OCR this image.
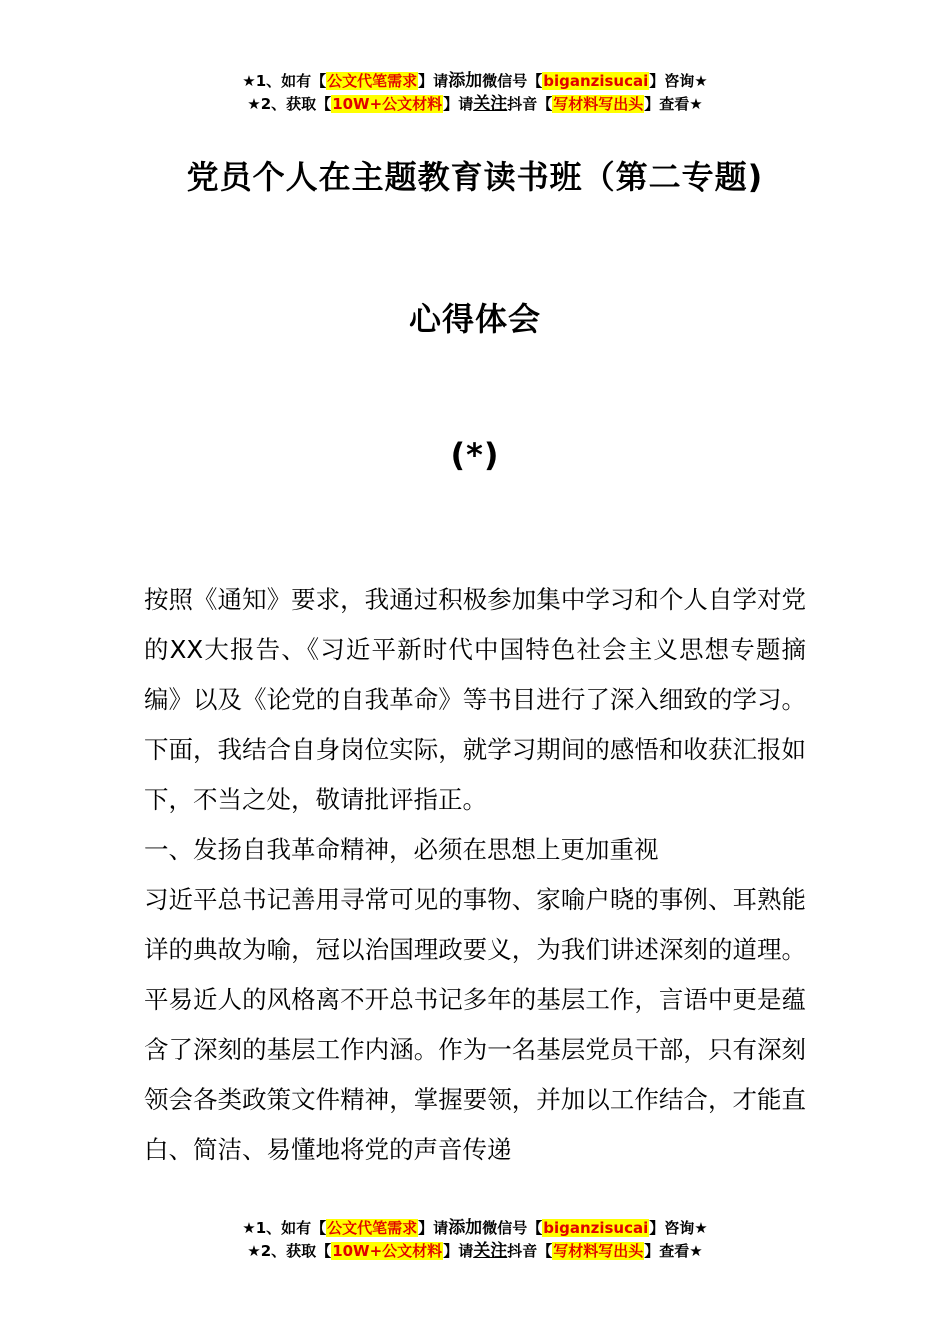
★1、如有【公文代笔需求】请添加微信号【biganzisucai】咨询★
★2、获取【10W+公文材料】请关注抖音【写材料写出头】查看★
党员个人在主题教育读书班（第二专题)
心得体会
(*)

按照《通知》要求，我通过积极参加集中学习和个人自学对党的XX大报告、《习近平新时代中国特色社会主义思想专题摘编》以及《论党的自我革命》等书目进行了深入细致的学习。下面，我结合自身岗位实际，就学习期间的感悟和收获汇报如下，不当之处，敬请批评指正。

一、发扬自我革命精神，必须在思想上更加重视

习近平总书记善用寻常可见的事物、家喻户晓的事例、耳熟能详的典故为喻，冠以治国理政要义，为我们讲述深刻的道理。平易近人的风格离不开总书记多年的基层工作，言语中更是蕴含了深刻的基层工作内涵。作为一名基层党员干部，只有深刻领会各类政策文件精神，掌握要领，并加以工作结合，才能直白、简洁、易懂地将党的声音传递

★1、如有【公文代笔需求】请添加微信号【biganzisucai】咨询★
★2、获取【10W+公文材料】请关注抖音【写材料写出头】查看★
